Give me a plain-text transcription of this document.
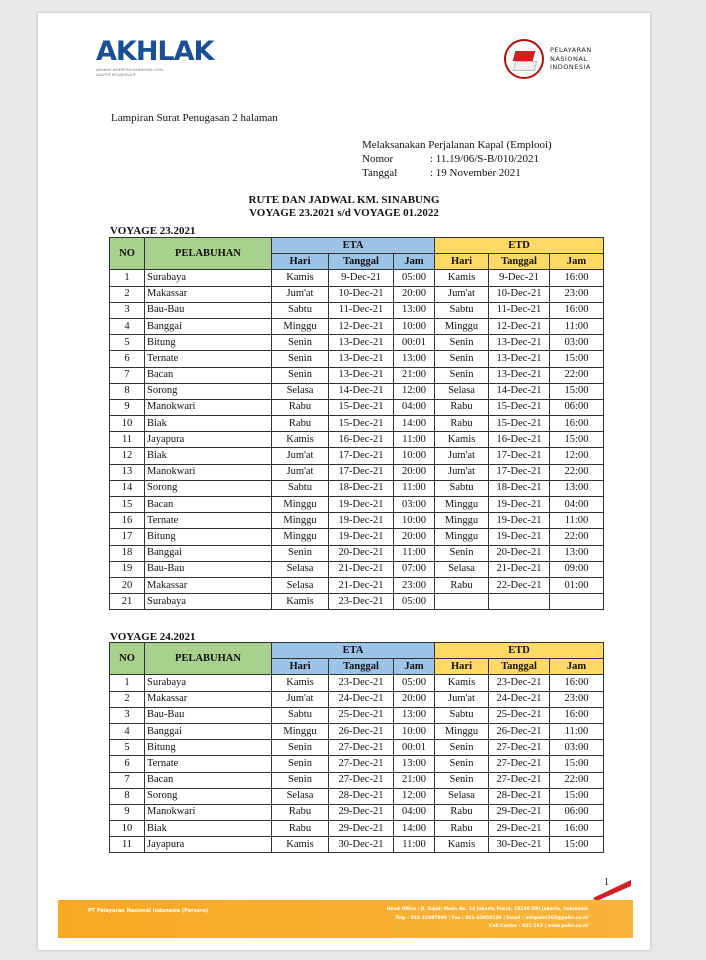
AKHLAK
AMANAH KOMPETEN HARMONIS LOYAL ADAPTIF KOLABORATIF
PELAYARAN
NASIONAL
INDONESIA
Lampiran Surat Penugasan 2 halaman
Melaksanakan Perjalanan Kapal (Emplooi)
Nomor	: 11.19/06/S-B/010/2021
Tanggal	: 19 November 2021
RUTE DAN JADWAL KM. SINABUNG
VOYAGE 23.2021 s/d VOYAGE 01.2022
VOYAGE 23.2021
NO	PELABUHAN	ETA			ETD		
		Hari	Tanggal	Jam	Hari	Tanggal	Jam
1	Surabaya	Kamis	9-Dec-21	05:00	Kamis	9-Dec-21	16:00
2	Makassar	Jum'at	10-Dec-21	20:00	Jum'at	10-Dec-21	23:00
3	Bau-Bau	Sabtu	11-Dec-21	13:00	Sabtu	11-Dec-21	16:00
4	Banggai	Minggu	12-Dec-21	10:00	Minggu	12-Dec-21	11:00
5	Bitung	Senin	13-Dec-21	00:01	Senin	13-Dec-21	03:00
6	Ternate	Senin	13-Dec-21	13:00	Senin	13-Dec-21	15:00
7	Bacan	Senin	13-Dec-21	21:00	Senin	13-Dec-21	22:00
8	Sorong	Selasa	14-Dec-21	12:00	Selasa	14-Dec-21	15:00
9	Manokwari	Rabu	15-Dec-21	04:00	Rabu	15-Dec-21	06:00
10	Biak	Rabu	15-Dec-21	14:00	Rabu	15-Dec-21	16:00
11	Jayapura	Kamis	16-Dec-21	11:00	Kamis	16-Dec-21	15:00
12	Biak	Jum'at	17-Dec-21	10:00	Jum'at	17-Dec-21	12:00
13	Manokwari	Jum'at	17-Dec-21	20:00	Jum'at	17-Dec-21	22:00
14	Sorong	Sabtu	18-Dec-21	11:00	Sabtu	18-Dec-21	13:00
15	Bacan	Minggu	19-Dec-21	03:00	Minggu	19-Dec-21	04:00
16	Ternate	Minggu	19-Dec-21	10:00	Minggu	19-Dec-21	11:00
17	Bitung	Minggu	19-Dec-21	20:00	Minggu	19-Dec-21	22:00
18	Banggai	Senin	20-Dec-21	11:00	Senin	20-Dec-21	13:00
19	Bau-Bau	Selasa	21-Dec-21	07:00	Selasa	21-Dec-21	09:00
20	Makassar	Selasa	21-Dec-21	23:00	Rabu	22-Dec-21	01:00
21	Surabaya	Kamis	23-Dec-21	05:00			
VOYAGE 24.2021
NO	PELABUHAN	ETA			ETD		
		Hari	Tanggal	Jam	Hari	Tanggal	Jam
1	Surabaya	Kamis	23-Dec-21	05:00	Kamis	23-Dec-21	16:00
2	Makassar	Jum'at	24-Dec-21	20:00	Jum'at	24-Dec-21	23:00
3	Bau-Bau	Sabtu	25-Dec-21	13:00	Sabtu	25-Dec-21	16:00
4	Banggai	Minggu	26-Dec-21	10:00	Minggu	26-Dec-21	11:00
5	Bitung	Senin	27-Dec-21	00:01	Senin	27-Dec-21	03:00
6	Ternate	Senin	27-Dec-21	13:00	Senin	27-Dec-21	15:00
7	Bacan	Senin	27-Dec-21	21:00	Senin	27-Dec-21	22:00
8	Sorong	Selasa	28-Dec-21	12:00	Selasa	28-Dec-21	15:00
9	Manokwari	Rabu	29-Dec-21	04:00	Rabu	29-Dec-21	06:00
10	Biak	Rabu	29-Dec-21	14:00	Rabu	29-Dec-21	16:00
11	Jayapura	Kamis	30-Dec-21	11:00	Kamis	30-Dec-21	15:00
1
PT Pelayaran Nasional Indonesia (Persero)	Head Office : Jl. Gajah Mada No. 14 Jakarta Pusat, 10130 DKI Jakarta, Indonesia
Telp : 021-21887000 | Fax : 021-63854130 | Email : infopelni162@pelni.co.id
Call Center : 021-162 | www.pelni.co.id
